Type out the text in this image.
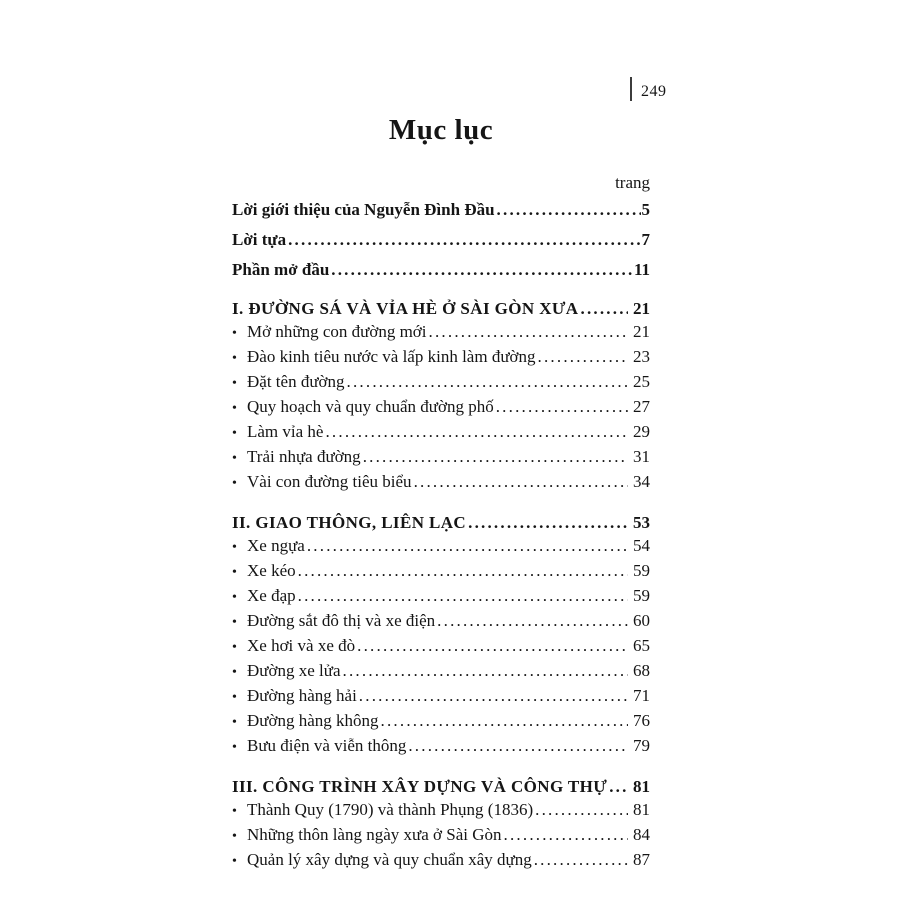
249
Mục lục
trang
Lời giới thiệu của Nguyễn Đình Đầu .....	5
Lời tựa .....	7
Phần mở đầu .....	11
I. ĐƯỜNG SÁ VÀ VỈA HÈ Ở SÀI GÒN XƯA .....	21
• Mở những con đường mới .....	21
• Đào kinh tiêu nước và lấp kinh làm đường .....	23
• Đặt tên đường .....	25
• Quy hoạch và quy chuẩn đường phố .....	27
• Làm vỉa hè .....	29
• Trải nhựa đường .....	31
• Vài con đường tiêu biểu .....	34
II. GIAO THÔNG, LIÊN LẠC .....	53
• Xe ngựa .....	54
• Xe kéo .....	59
• Xe đạp .....	59
• Đường sắt đô thị và xe điện .....	60
• Xe hơi và xe đò .....	65
• Đường xe lửa .....	68
• Đường hàng hải .....	71
• Đường hàng không .....	76
• Bưu điện và viễn thông .....	79
III. CÔNG TRÌNH XÂY DỰNG VÀ CÔNG THỰ ..... 81
• Thành Quy (1790) và thành Phụng (1836) .....	81
• Những thôn làng ngày xưa ở Sài Gòn .....	84
• Quản lý xây dựng và quy chuẩn xây dựng .....	87
